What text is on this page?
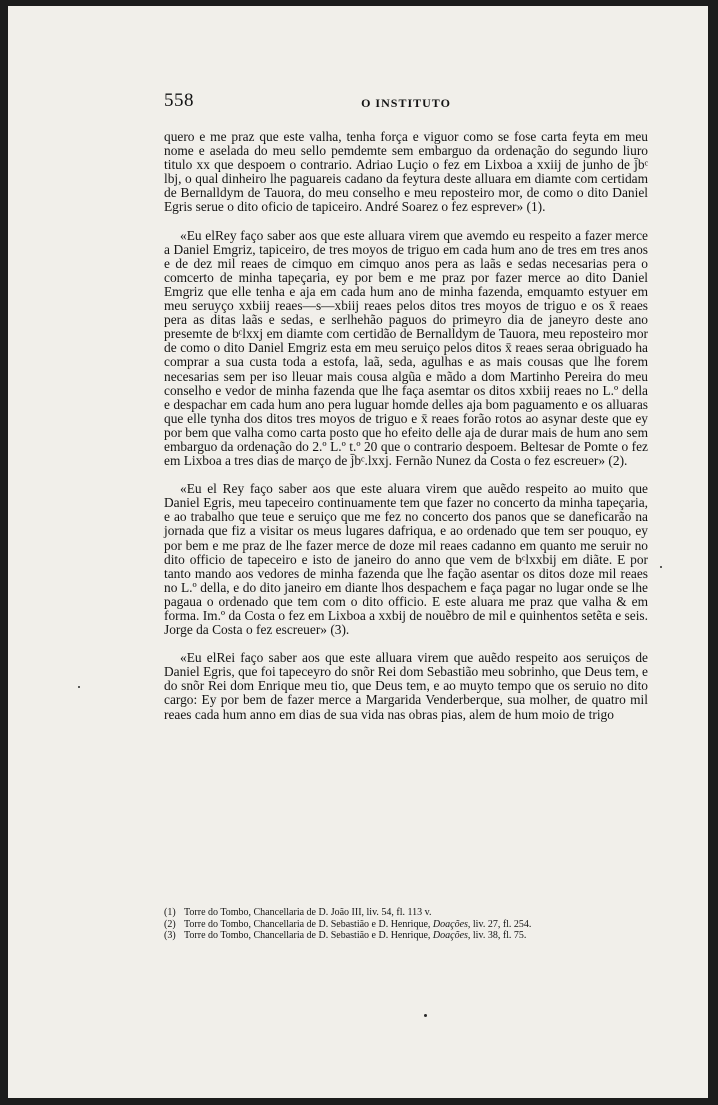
558	O INSTITUTO

quero e me praz que este valha, tenha força e viguor como se fose carta feyta em meu nome e aselada do meu sello pemdemte sem embarguo da ordenação do segundo liuro titulo xx que despoem o contrario. Adriao Luçio o fez em Lixboa a xxiij de junho de j̄bᶜ lbj, o qual dinheiro lhe paguareis cadano da feytura deste alluara em diamte com certidam de Bernalldym de Tauora, do meu conselho e meu reposteiro mor, de como o dito Daniel Egris serue o dito oficio de tapiceiro. André Soarez o fez esprever» (1).

«Eu elRey faço saber aos que este alluara virem que avemdo eu respeito a fazer merce a Daniel Emgriz, tapiceiro, de tres moyos de triguo em cada hum ano de tres em tres anos e de dez mil reaes de cimquo em cimquo anos pera as laãs e sedas necesarias pera o comcerto de minha tapeçaria, ey por bem e me praz por fazer merce ao dito Daniel Emgriz que elle tenha e aja em cada hum ano de minha fazenda, emquamto estyuer em meu seruyço xxbiij reaes—s—xbiij reaes pelos ditos tres moyos de triguo e os x̄ reaes pera as ditas laãs e sedas, e serlhehão paguos do primeyro dia de janeyro deste ano presemte de bᶜlxxj em diamte com certidão de Bernalldym de Tauora, meu reposteiro mor de como o dito Daniel Emgriz esta em meu seruiço pelos ditos x̄ reaes seraa obriguado ha comprar a sua custa toda a estofa, laã, seda, agulhas e as mais cousas que lhe forem necesarias sem per iso lleuar mais cousa algũa e mãdo a dom Martinho Pereira do meu conselho e vedor de minha fazenda que lhe faça asemtar os ditos xxbiij reaes no L.º della e despachar em cada hum ano pera luguar homde delles aja bom paguamento e os alluaras que elle tynha dos ditos tres moyos de triguo e x̄ reaes forão rotos ao asynar deste que ey por bem que valha como carta posto que ho efeito delle aja de durar mais de hum ano sem embarguo da ordenação do 2.º L.º t.º 20 que o contrario despoem. Beltesar de Pomte o fez em Lixboa a tres dias de março de j̄bᶜ.lxxj. Fernão Nunez da Costa o fez escreuer» (2).

«Eu el Rey faço saber aos que este aluara virem que auẽdo respeito ao muito que Daniel Egris, meu tapeceiro continuamente tem que fazer no concerto da minha tapeçaria, e ao trabalho que teue e seruiço que me fez no concerto dos panos que se daneficarão na jornada que fiz a visitar os meus lugares dafriqua, e ao ordenado que tem ser pouquo, ey por bem e me praz de lhe fazer merce de doze mil reaes cadanno em quanto me seruir no dito officio de tapeceiro e isto de janeiro do anno que vem de bᶜlxxbij em diãte. E por tanto mando aos vedores de minha fazenda que lhe fação asentar os ditos doze mil reaes no L.º della, e do dito janeiro em diante lhos despachem e faça pagar no lugar onde se lhe pagaua o ordenado que tem com o dito officio. E este aluara me praz que valha & em forma. Im.º da Costa o fez em Lixboa a xxbij de nouẽbro de mil e quinhentos setẽta e seis. Jorge da Costa o fez escreuer» (3).

«Eu elRei faço saber aos que este alluara virem que auẽdo respeito aos seruiços de Daniel Egris, que foi tapeceyro do snõr Rei dom Sebastião meu sobrinho, que Deus tem, e do snõr Rei dom Enrique meu tio, que Deus tem, e ao muyto tempo que os seruio no dito cargo: Ey por bem de fazer merce a Margarida Venderberque, sua molher, de quatro mil reaes cada hum anno em dias de sua vida nas obras pias, alem de hum moio de trigo

(1) Torre do Tombo, Chancellaria de D. João III, liv. 54, fl. 113 v.

(2) Torre do Tombo, Chancellaria de D. Sebastião e D. Henrique, Doações, liv. 27, fl. 254.

(3) Torre do Tombo, Chancellaria de D. Sebastião e D. Henrique, Doações, liv. 38, fl. 75.
